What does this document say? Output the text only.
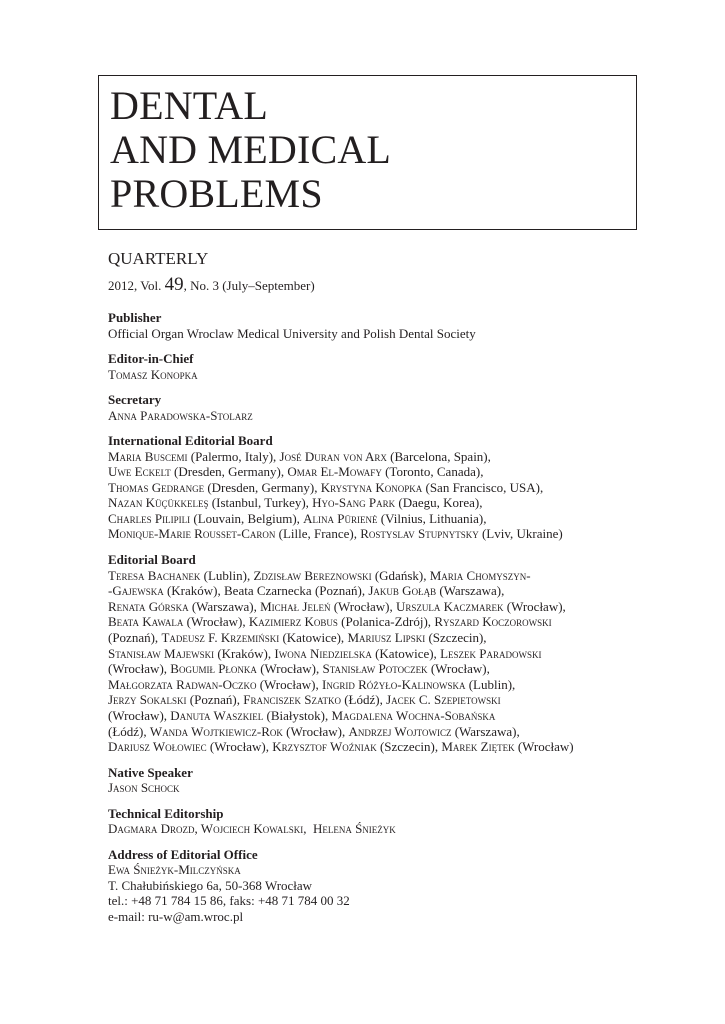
DENTAL
AND MEDICAL
PROBLEMS
QUARTERLY
2012, Vol. 49, No. 3 (July–September)
Publisher
Official Organ Wroclaw Medical University and Polish Dental Society
Editor-in-Chief
Tomasz Konopka
Secretary
Anna Paradowska-Stolarz
International Editorial Board
Maria Buscemi (Palermo, Italy), José Duran von Arx (Barcelona, Spain),
Uwe Eckelt (Dresden, Germany), Omar El-Mowafy (Toronto, Canada),
Thomas Gedrange (Dresden, Germany), Krystyna Konopka (San Francisco, USA),
Nazan Küçükkeleş (Istanbul, Turkey), Hyo-Sang Park (Daegu, Korea),
Charles Pilipili (Louvain, Belgium), Alina Pūrienė (Vilnius, Lithuania),
Monique-Marie Rousset-Caron (Lille, France), Rostyslav Stupnytsky (Lviv, Ukraine)
Editorial Board
Teresa Bachanek (Lublin), Zdzisław Bereznowski (Gdańsk), Maria Chomyszyn-
-Gajewska (Kraków), Beata Czarnecka (Poznań), Jakub Gołąb (Warszawa),
Renata Górska (Warszawa), Michał Jeleń (Wrocław), Urszula Kaczmarek (Wrocław),
Beata Kawala (Wrocław), Kazimierz Kobus (Polanica-Zdrój), Ryszard Koczorowski
(Poznań), Tadeusz F. Krzemiński (Katowice), Mariusz Lipski (Szczecin),
Stanisław Majewski (Kraków), Iwona Niedzielska (Katowice), Leszek Paradowski
(Wrocław), Bogumił Płonka (Wrocław), Stanisław Potoczek (Wrocław),
Małgorzata Radwan-Oczko (Wrocław), Ingrid Różyło-Kalinowska (Lublin),
Jerzy Sokalski (Poznań), Franciszek Szatko (Łódź), Jacek C. Szepietowski
(Wrocław), Danuta Waszkiel (Białystok), Magdalena Wochna-Sobańska
(Łódź), Wanda Wojtkiewicz-Rok (Wrocław), Andrzej Wojtowicz (Warszawa),
Dariusz Wołowiec (Wrocław), Krzysztof Woźniak (Szczecin), Marek Ziętek (Wrocław)
Native Speaker
Jason Schock
Technical Editorship
Dagmara Drozd, Wojciech Kowalski,  Helena Śnieżyk
Address of Editorial Office
Ewa Śnieżyk-Milczyńska
T. Chałubińskiego 6a, 50-368 Wrocław
tel.: +48 71 784 15 86, faks: +48 71 784 00 32
e-mail: ru-w@am.wroc.pl
